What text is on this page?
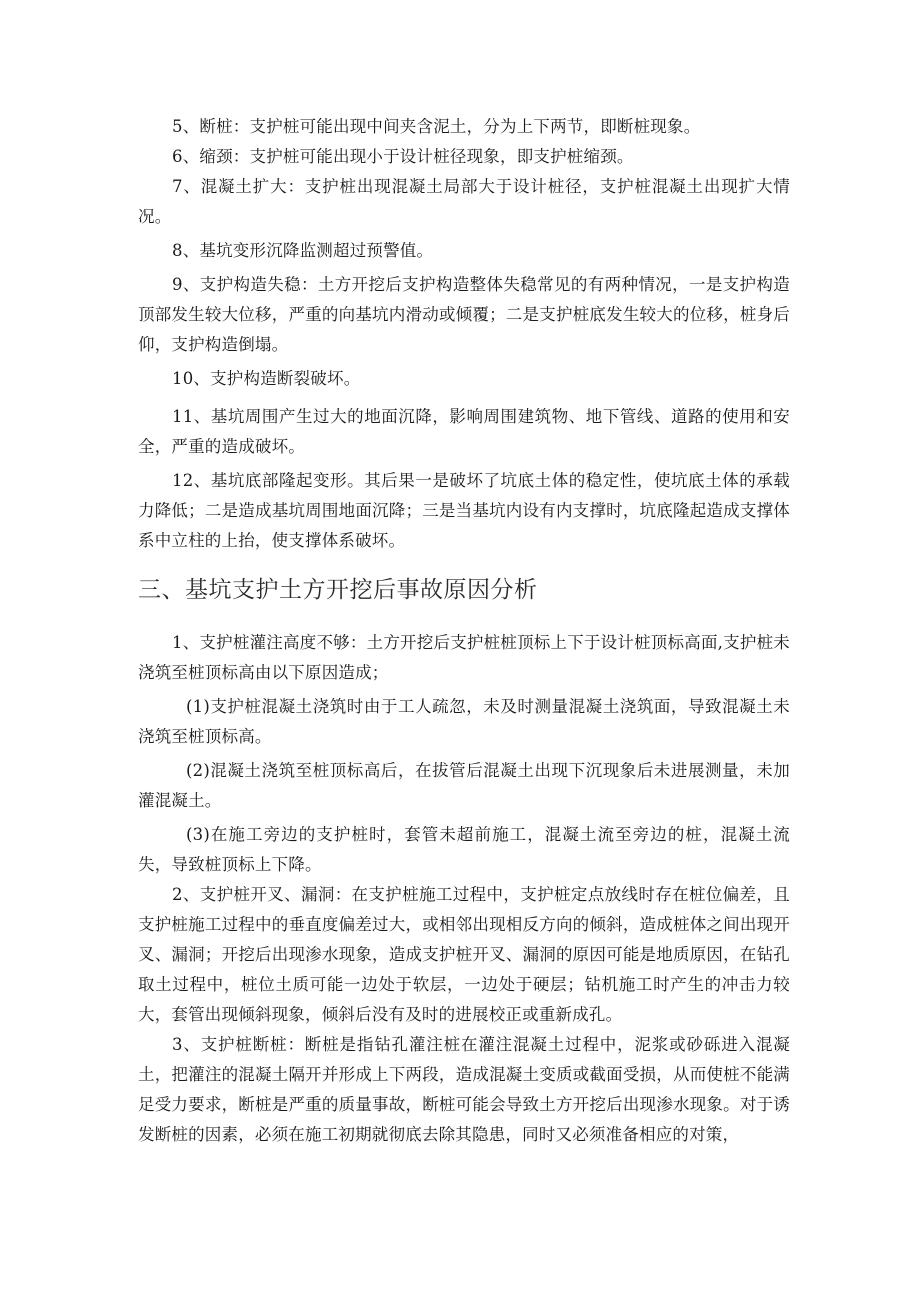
5、断桩：支护桩可能出现中间夹含泥土，分为上下两节，即断桩现象。

6、缩颈：支护桩可能出现小于设计桩径现象，即支护桩缩颈。

7、混凝土扩大：支护桩出现混凝土局部大于设计桩径，支护桩混凝土出现扩大情况。

8、基坑变形沉降监测超过预警值。

9、支护构造失稳：土方开挖后支护构造整体失稳常见的有两种情况，一是支护构造顶部发生较大位移，严重的向基坑内滑动或倾覆；二是支护桩底发生较大的位移，桩身后仰，支护构造倒塌。

10、支护构造断裂破坏。

11、基坑周围产生过大的地面沉降，影响周围建筑物、地下管线、道路的使用和安全，严重的造成破坏。

12、基坑底部隆起变形。其后果一是破坏了坑底土体的稳定性，使坑底土体的承载力降低；二是造成基坑周围地面沉降；三是当基坑内设有内支撑时，坑底隆起造成支撑体系中立柱的上抬，使支撑体系破坏。

三、基坑支护土方开挖后事故原因分析

1、支护桩灌注高度不够：土方开挖后支护桩桩顶标上下于设计桩顶标高面,支护桩未浇筑至桩顶标高由以下原因造成；

(1)支护桩混凝土浇筑时由于工人疏忽，未及时测量混凝土浇筑面，导致混凝土未浇筑至桩顶标高。

(2)混凝土浇筑至桩顶标高后，在拔管后混凝土出现下沉现象后未进展测量，未加灌混凝土。

(3)在施工旁边的支护桩时，套管未超前施工，混凝土流至旁边的桩，混凝土流失，导致桩顶标上下降。

2、支护桩开叉、漏洞：在支护桩施工过程中，支护桩定点放线时存在桩位偏差，且支护桩施工过程中的垂直度偏差过大，或相邻出现相反方向的倾斜，造成桩体之间出现开叉、漏洞；开挖后出现渗水现象，造成支护桩开叉、漏洞的原因可能是地质原因，在钻孔取土过程中，桩位土质可能一边处于软层，一边处于硬层；钻机施工时产生的冲击力较大，套管出现倾斜现象，倾斜后没有及时的进展校正或重新成孔。

3、支护桩断桩：断桩是指钻孔灌注桩在灌注混凝土过程中，泥浆或砂砾进入混凝土，把灌注的混凝土隔开并形成上下两段，造成混凝土变质或截面受损，从而使桩不能满足受力要求，断桩是严重的质量事故，断桩可能会导致土方开挖后出现渗水现象。对于诱发断桩的因素，必须在施工初期就彻底去除其隐患，同时又必须准备相应的对策，
